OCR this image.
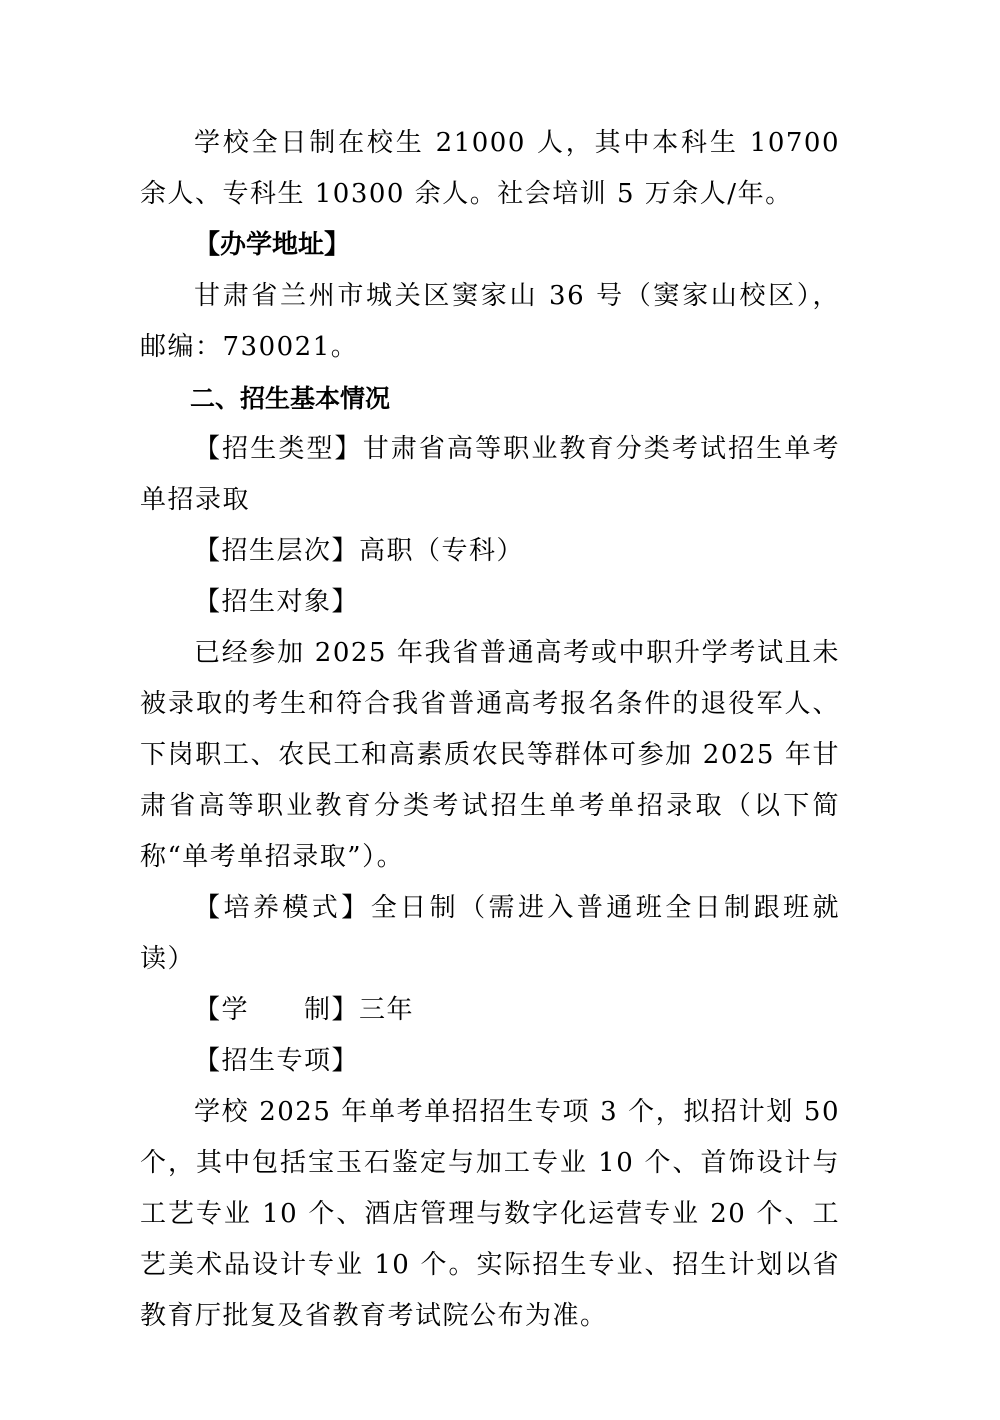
学校全日制在校生 21000 人，其中本科生 10700 余人、专科生 10300 余人。社会培训 5 万余人/年。

【办学地址】

甘肃省兰州市城关区窦家山 36 号（窦家山校区），邮编：730021。

二、招生基本情况

【招生类型】甘肃省高等职业教育分类考试招生单考单招录取

【招生层次】高职（专科）

【招生对象】

已经参加 2025 年我省普通高考或中职升学考试且未被录取的考生和符合我省普通高考报名条件的退役军人、下岗职工、农民工和高素质农民等群体可参加 2025 年甘肃省高等职业教育分类考试招生单考单招录取（以下简称“单考单招录取”）。

【培养模式】全日制（需进入普通班全日制跟班就读）

【学　　制】三年

【招生专项】

学校 2025 年单考单招招生专项 3 个，拟招计划 50 个，其中包括宝玉石鉴定与加工专业 10 个、首饰设计与工艺专业 10 个、酒店管理与数字化运营专业 20 个、工艺美术品设计专业 10 个。实际招生专业、招生计划以省教育厅批复及省教育考试院公布为准。
